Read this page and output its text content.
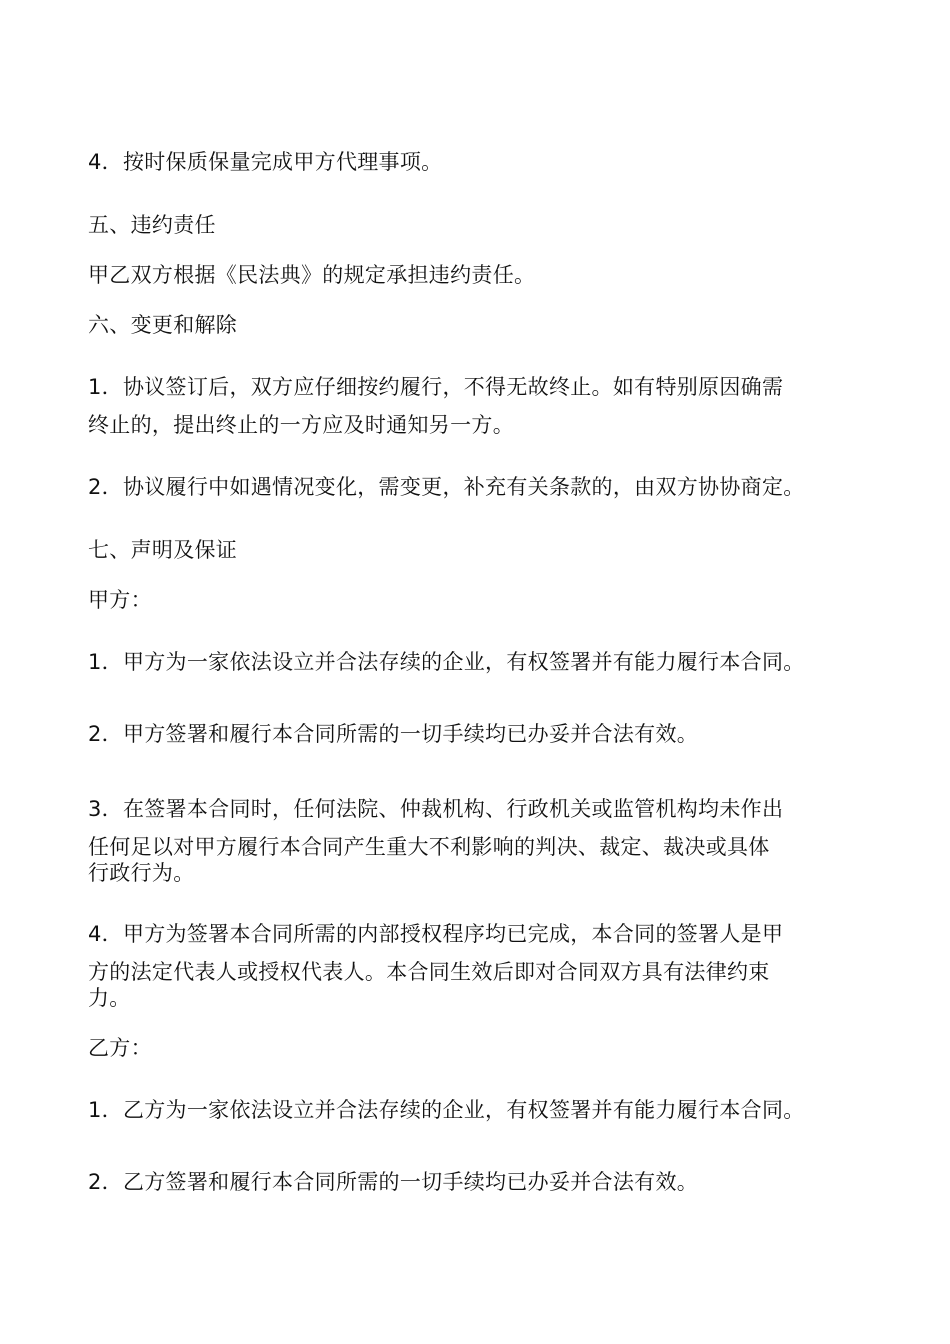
4．按时保质保量完成甲方代理事项。
五、违约责任
甲乙双方根据《民法典》的规定承担违约责任。
六、变更和解除
1．协议签订后，双方应仔细按约履行，不得无故终止。如有特别原因确需
终止的，提出终止的一方应及时通知另一方。
2．协议履行中如遇情况变化，需变更，补充有关条款的，由双方协协商定。
七、声明及保证
甲方：
1．甲方为一家依法设立并合法存续的企业，有权签署并有能力履行本合同。
2．甲方签署和履行本合同所需的一切手续均已办妥并合法有效。
3．在签署本合同时，任何法院、仲裁机构、行政机关或监管机构均未作出
任何足以对甲方履行本合同产生重大不利影响的判决、裁定、裁决或具体
行政行为。
4．甲方为签署本合同所需的内部授权程序均已完成，本合同的签署人是甲
方的法定代表人或授权代表人。本合同生效后即对合同双方具有法律约束
力。
乙方：
1．乙方为一家依法设立并合法存续的企业，有权签署并有能力履行本合同。
2．乙方签署和履行本合同所需的一切手续均已办妥并合法有效。
